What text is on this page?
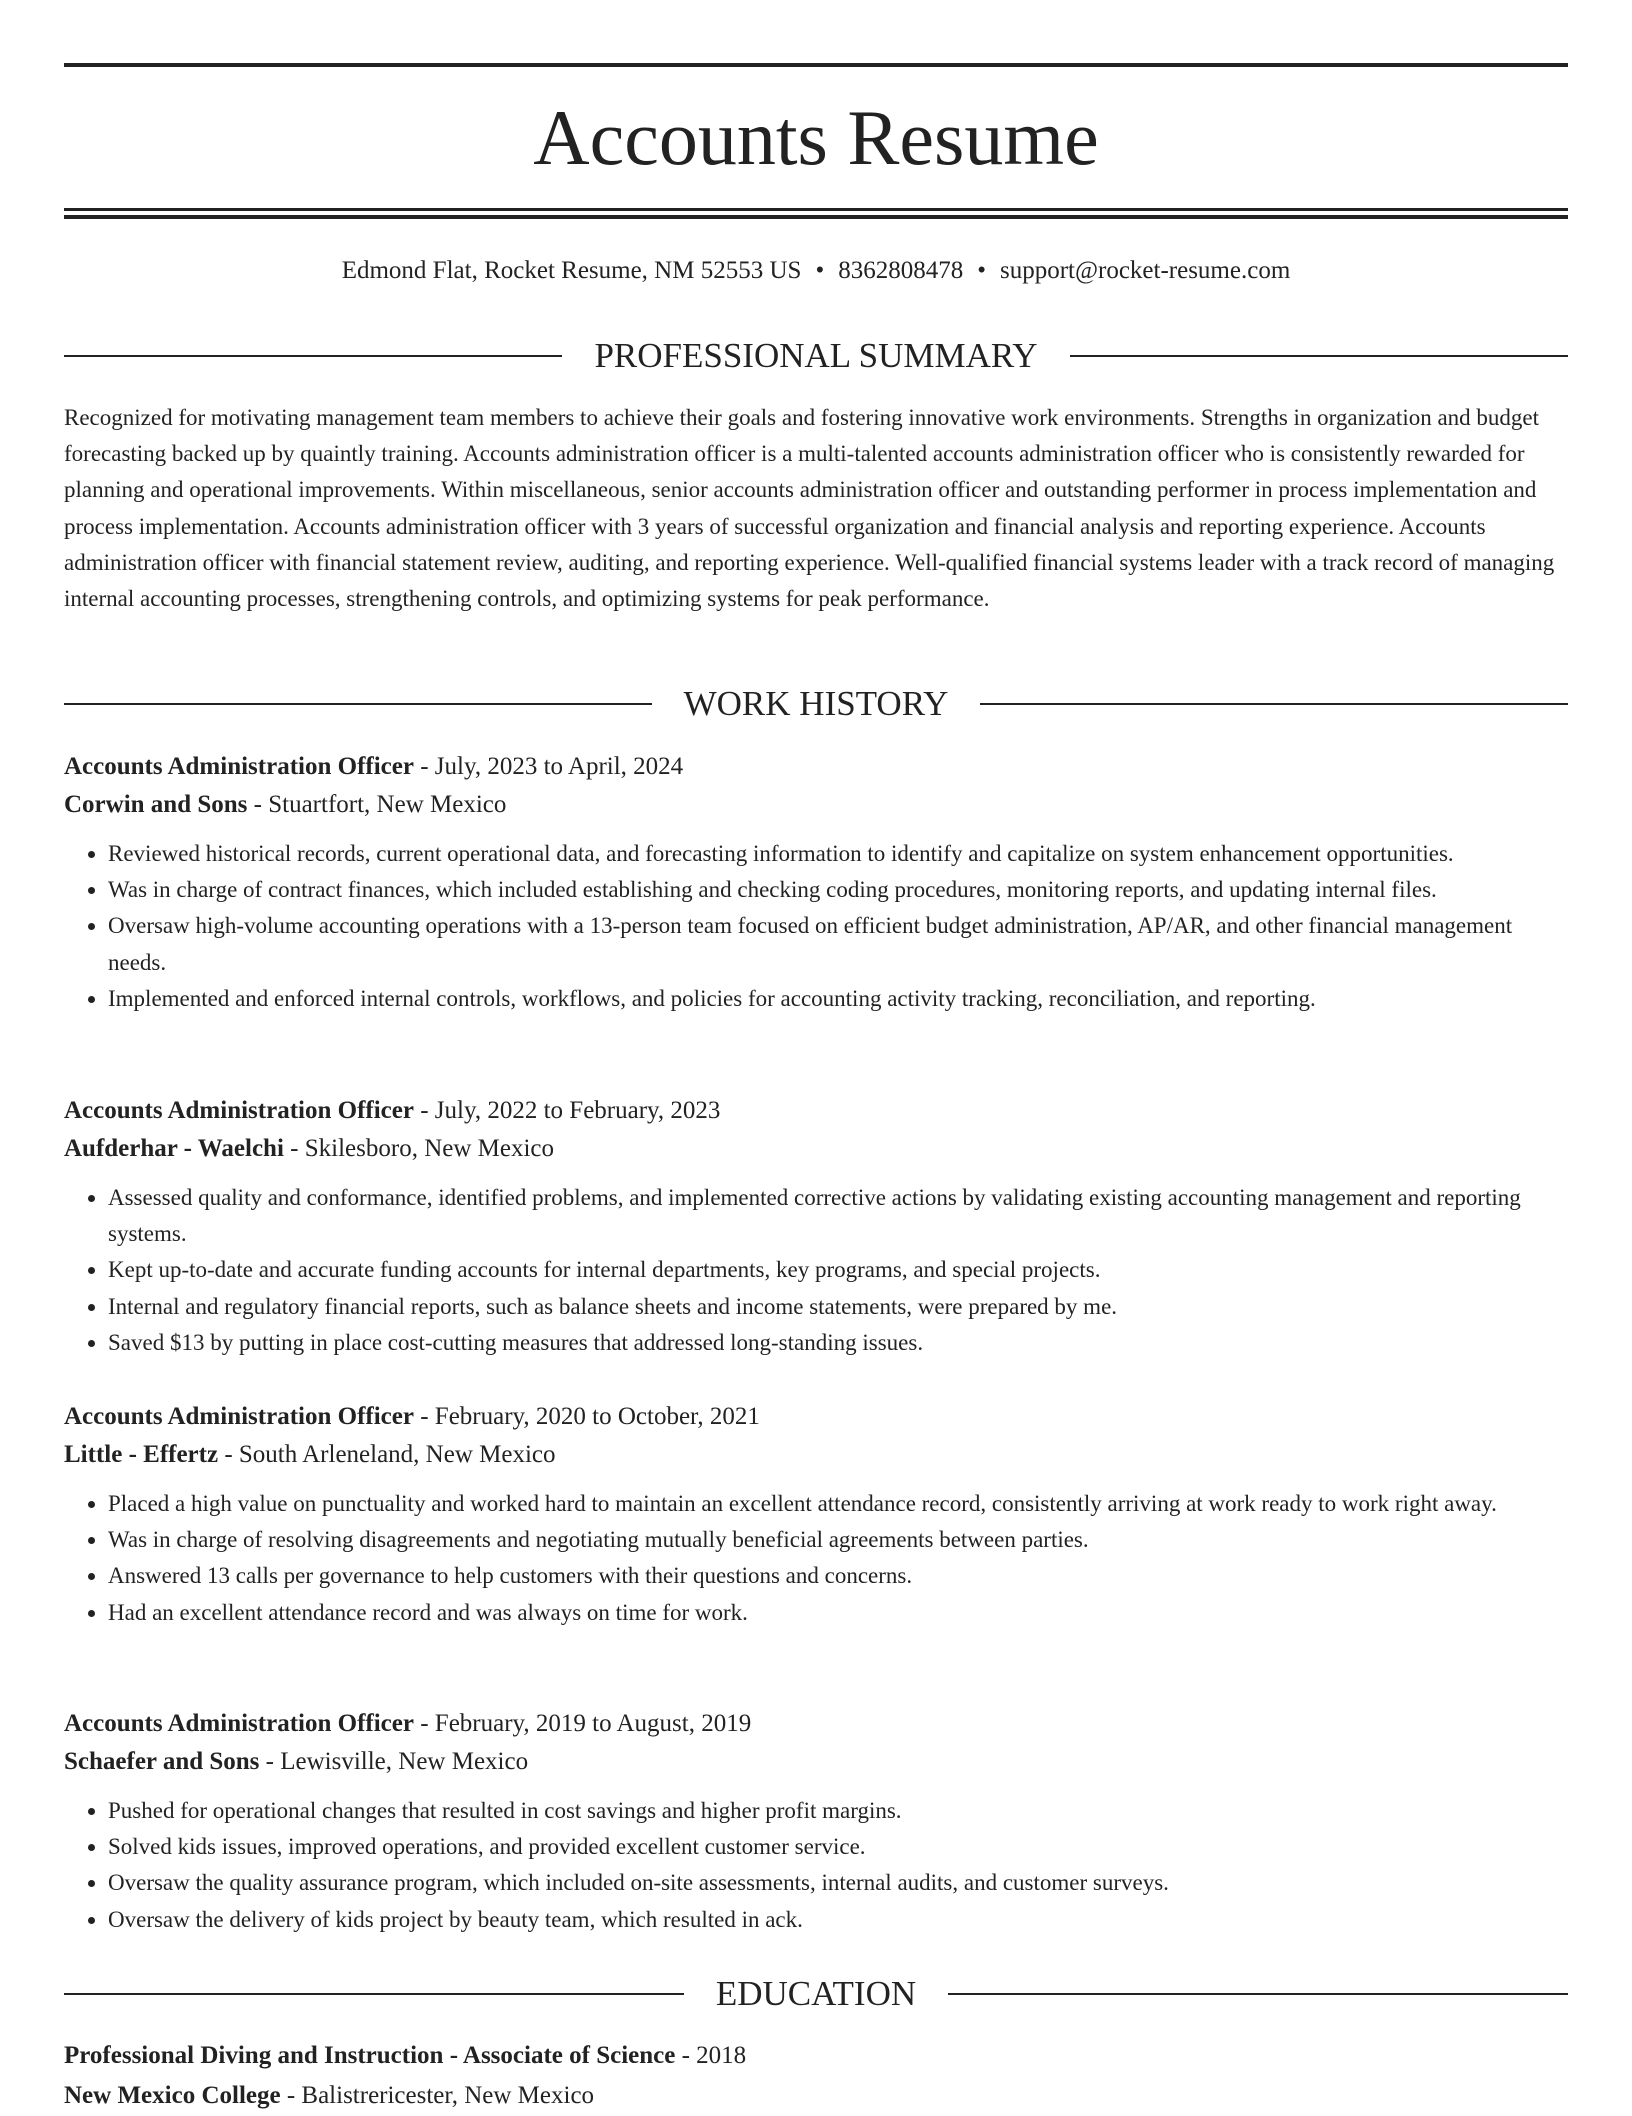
Accounts Resume
Edmond Flat, Rocket Resume, NM 52553 US • 8362808478 • support@rocket-resume.com
PROFESSIONAL SUMMARY

Recognized for motivating management team members to achieve their goals and fostering innovative work environments. Strengths in organization and budget forecasting backed up by quaintly training. Accounts administration officer is a multi-talented accounts administration officer who is consistently rewarded for planning and operational improvements. Within miscellaneous, senior accounts administration officer and outstanding performer in process implementation and process implementation. Accounts administration officer with 3 years of successful organization and financial analysis and reporting experience. Accounts administration officer with financial statement review, auditing, and reporting experience. Well-qualified financial systems leader with a track record of managing internal accounting processes, strengthening controls, and optimizing systems for peak performance.

WORK HISTORY
Accounts Administration Officer - July, 2023 to April, 2024
Corwin and Sons - Stuartfort, New Mexico
• Reviewed historical records, current operational data, and forecasting information to identify and capitalize on system enhancement opportunities.
• Was in charge of contract finances, which included establishing and checking coding procedures, monitoring reports, and updating internal files.
• Oversaw high-volume accounting operations with a 13-person team focused on efficient budget administration, AP/AR, and other financial management needs.
• Implemented and enforced internal controls, workflows, and policies for accounting activity tracking, reconciliation, and reporting.
Accounts Administration Officer - July, 2022 to February, 2023
Aufderhar - Waelchi - Skilesboro, New Mexico
• Assessed quality and conformance, identified problems, and implemented corrective actions by validating existing accounting management and reporting systems.
• Kept up-to-date and accurate funding accounts for internal departments, key programs, and special projects.
• Internal and regulatory financial reports, such as balance sheets and income statements, were prepared by me.
• Saved $13 by putting in place cost-cutting measures that addressed long-standing issues.
Accounts Administration Officer - February, 2020 to October, 2021
Little - Effertz - South Arleneland, New Mexico
• Placed a high value on punctuality and worked hard to maintain an excellent attendance record, consistently arriving at work ready to work right away.
• Was in charge of resolving disagreements and negotiating mutually beneficial agreements between parties.
• Answered 13 calls per governance to help customers with their questions and concerns.
• Had an excellent attendance record and was always on time for work.
Accounts Administration Officer - February, 2019 to August, 2019
Schaefer and Sons - Lewisville, New Mexico
• Pushed for operational changes that resulted in cost savings and higher profit margins.
• Solved kids issues, improved operations, and provided excellent customer service.
• Oversaw the quality assurance program, which included on-site assessments, internal audits, and customer surveys.
• Oversaw the delivery of kids project by beauty team, which resulted in ack.
EDUCATION
Professional Diving and Instruction - Associate of Science - 2018
New Mexico College - Balistrericester, New Mexico
